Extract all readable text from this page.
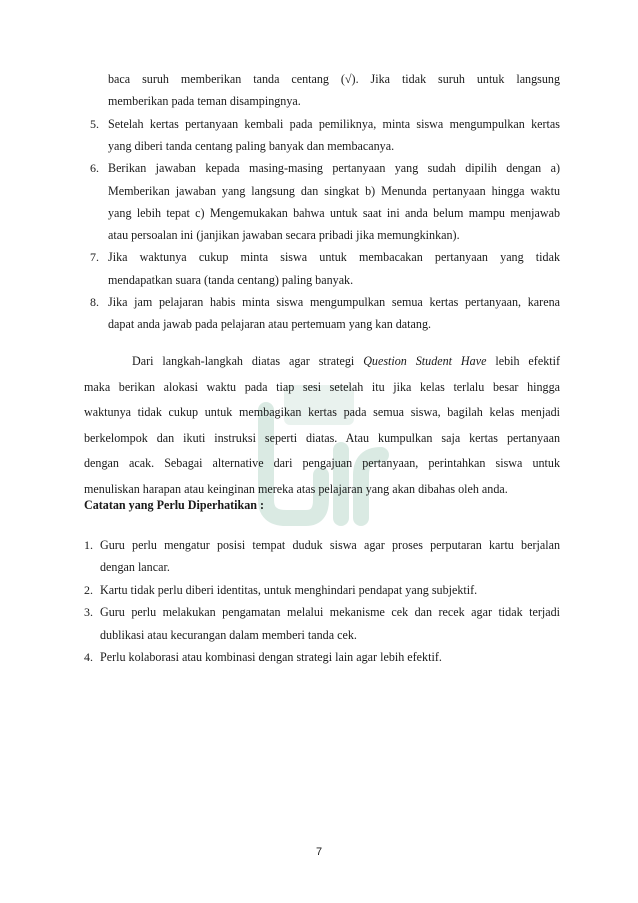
baca suruh memberikan tanda centang (√). Jika tidak suruh untuk langsung
memberikan pada teman disampingnya.
5. Setelah kertas pertanyaan kembali pada pemiliknya, minta siswa mengumpulkan kertas
yang diberi tanda centang paling banyak dan membacanya.
6. Berikan jawaban kepada masing-masing pertanyaan yang sudah dipilih dengan a)
Memberikan jawaban yang langsung dan singkat b) Menunda pertanyaan hingga waktu
yang lebih tepat c) Mengemukakan bahwa untuk saat ini anda belum mampu menjawab
atau persoalan ini (janjikan jawaban secara pribadi jika memungkinkan).
7. Jika waktunya cukup minta siswa untuk membacakan pertanyaan yang tidak
mendapatkan suara (tanda centang) paling banyak.
8. Jika jam pelajaran habis minta siswa mengumpulkan semua kertas pertanyaan, karena
dapat anda jawab pada pelajaran atau pertemuam yang kan datang.
Dari langkah-langkah diatas agar strategi Question Student Have lebih efektif
maka berikan alokasi waktu pada tiap sesi setelah itu jika kelas terlalu besar hingga
waktunya tidak cukup untuk membagikan kertas pada semua siswa, bagilah kelas menjadi
berkelompok dan ikuti instruksi seperti diatas. Atau kumpulkan saja kertas pertanyaan
dengan acak. Sebagai alternative dari pengajuan pertanyaan, perintahkan siswa untuk
menuliskan harapan atau keinginan mereka atas pelajaran yang akan dibahas oleh anda.
Catatan yang Perlu Diperhatikan :
1. Guru perlu mengatur posisi tempat duduk siswa agar proses perputaran kartu berjalan
dengan lancar.
2. Kartu tidak perlu diberi identitas, untuk menghindari pendapat yang subjektif.
3. Guru perlu melakukan pengamatan melalui mekanisme cek dan recek agar tidak terjadi
dublikasi atau kecurangan dalam memberi tanda cek.
4. Perlu kolaborasi atau kombinasi dengan strategi lain agar lebih efektif.
7
